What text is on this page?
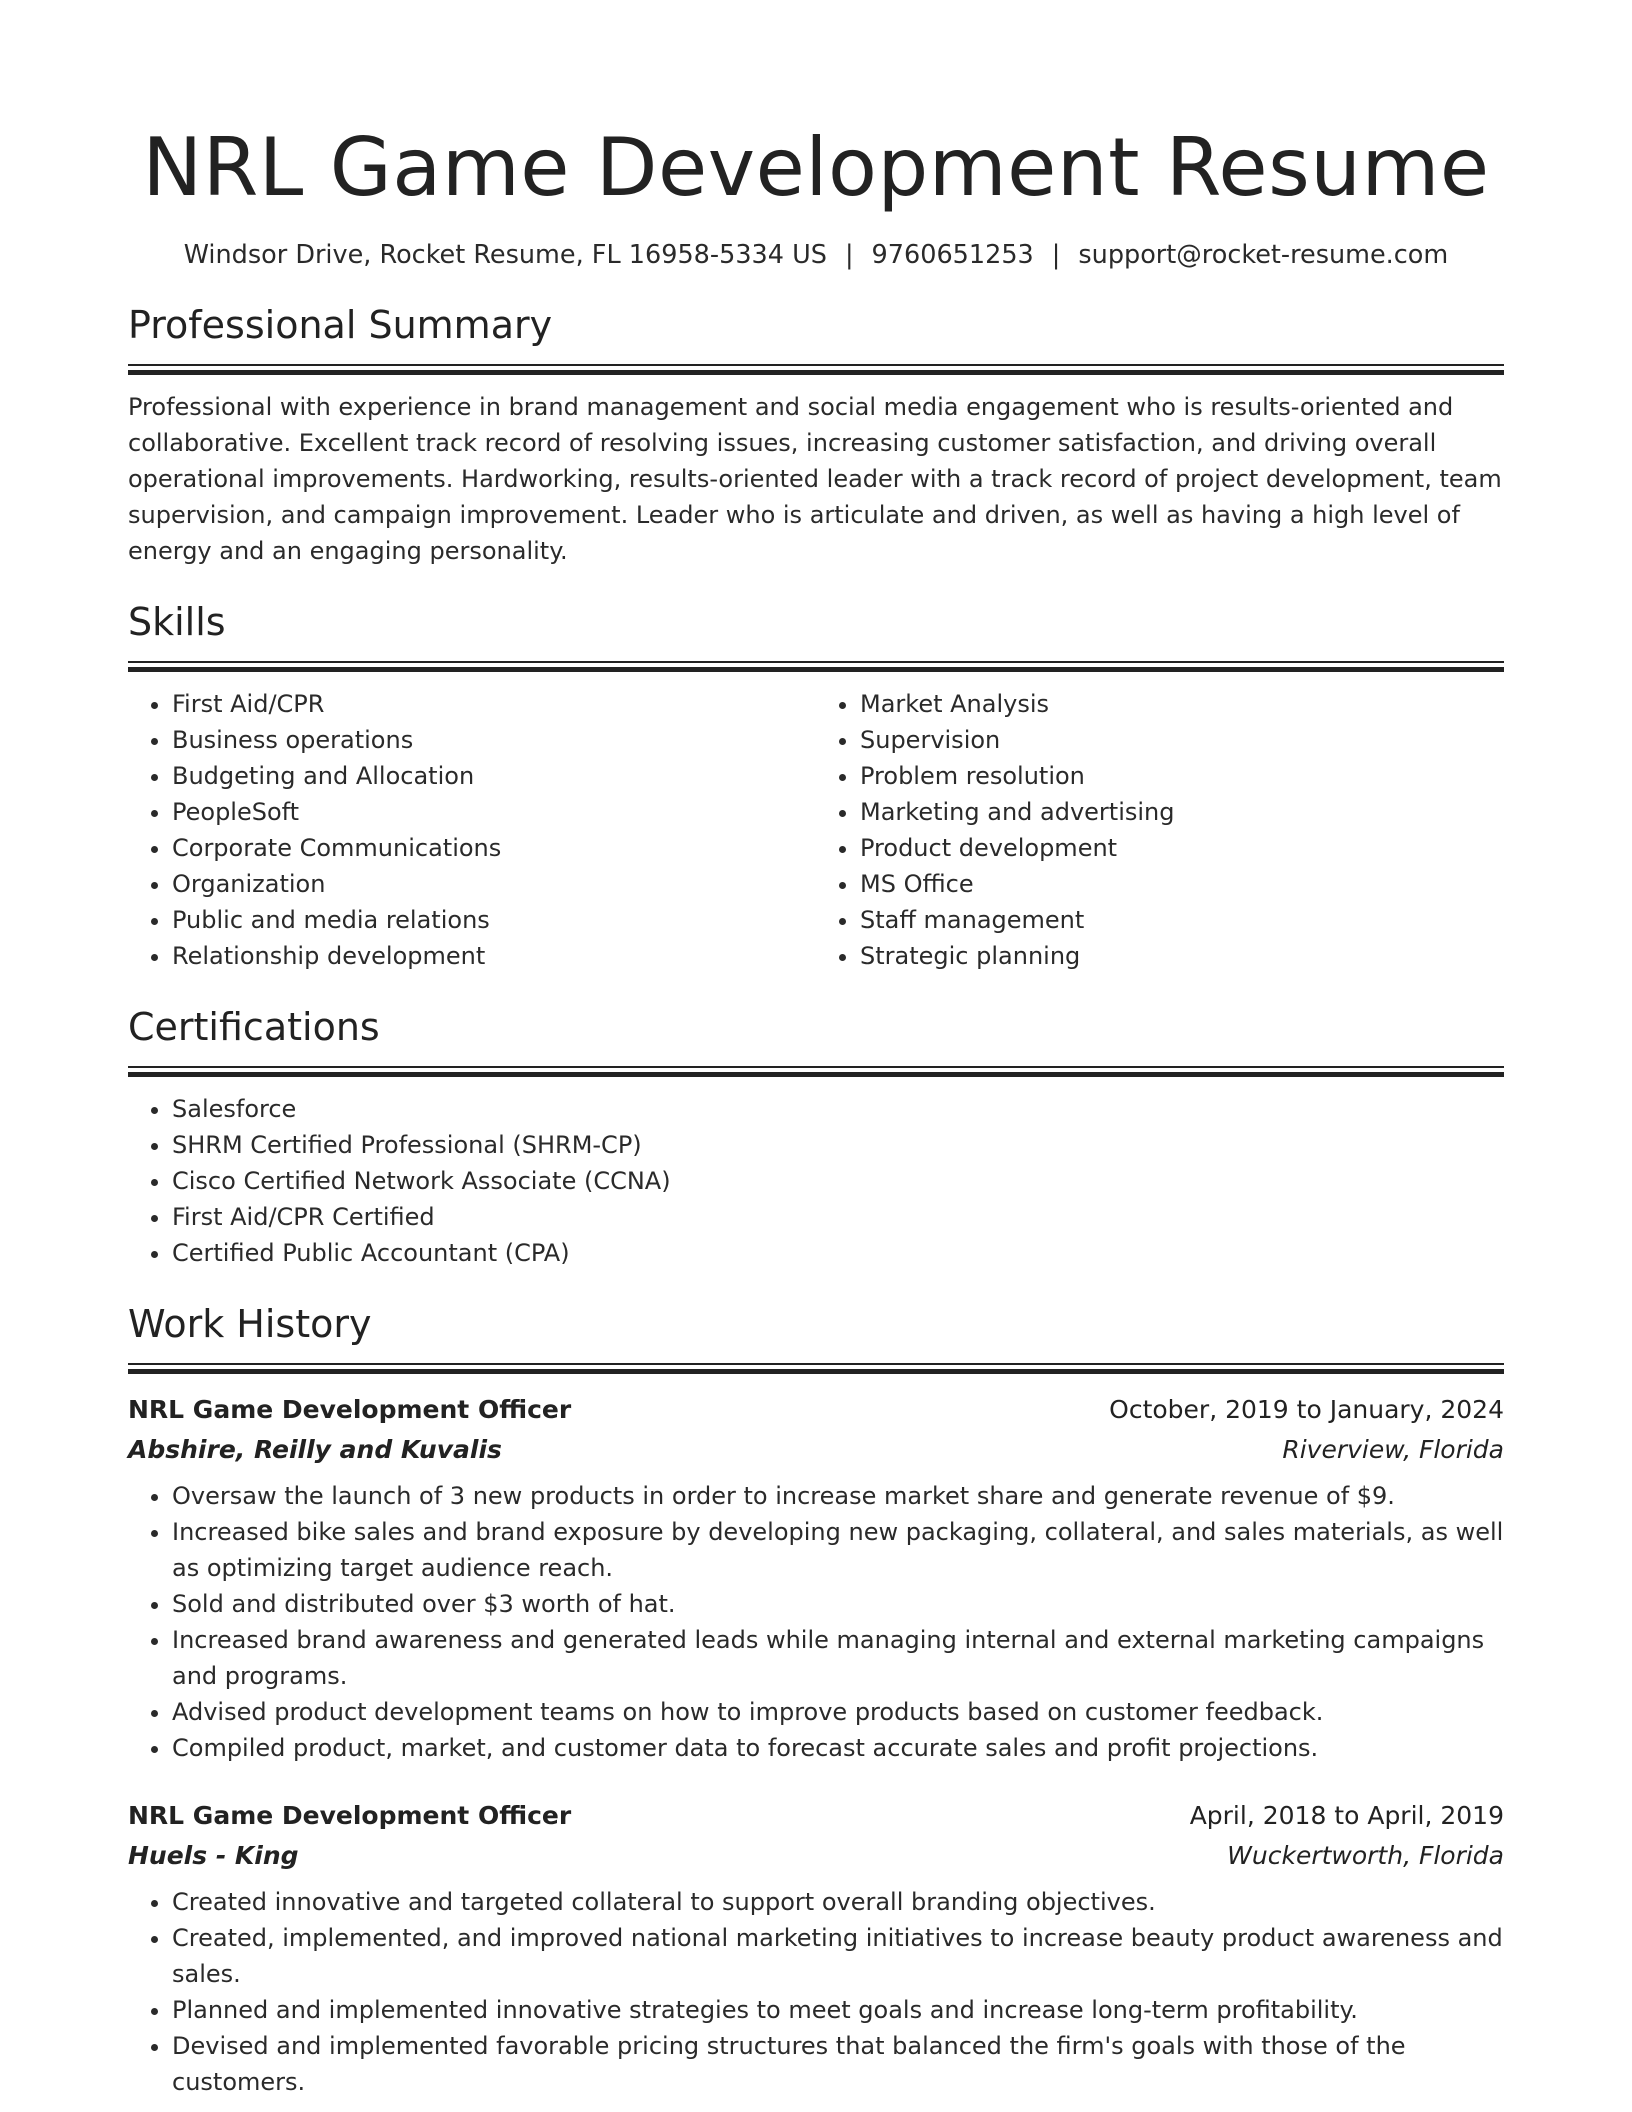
NRL Game Development Resume
Windsor Drive, Rocket Resume, FL 16958-5334 US | 9760651253 | support@rocket-resume.com
Professional Summary

Professional with experience in brand management and social media engagement who is results-oriented and collaborative. Excellent track record of resolving issues, increasing customer satisfaction, and driving overall operational improvements. Hardworking, results-oriented leader with a track record of project development, team supervision, and campaign improvement. Leader who is articulate and driven, as well as having a high level of energy and an engaging personality.

Skills
• First Aid/CPR
• Business operations
• Budgeting and Allocation
• PeopleSoft
• Corporate Communications
• Organization
• Public and media relations
• Relationship development
• Market Analysis
• Supervision
• Problem resolution
• Marketing and advertising
• Product development
• MS Office
• Staff management
• Strategic planning
Certifications
• Salesforce
• SHRM Certified Professional (SHRM-CP)
• Cisco Certified Network Associate (CCNA)
• First Aid/CPR Certified
• Certified Public Accountant (CPA)
Work History
NRL Game Development Officer	October, 2019 to January, 2024
Abshire, Reilly and Kuvalis	Riverview, Florida
• Oversaw the launch of 3 new products in order to increase market share and generate revenue of $9.
• Increased bike sales and brand exposure by developing new packaging, collateral, and sales materials, as well as optimizing target audience reach.
• Sold and distributed over $3 worth of hat.
• Increased brand awareness and generated leads while managing internal and external marketing campaigns and programs.
• Advised product development teams on how to improve products based on customer feedback.
• Compiled product, market, and customer data to forecast accurate sales and profit projections.
NRL Game Development Officer	April, 2018 to April, 2019
Huels - King	Wuckertworth, Florida
• Created innovative and targeted collateral to support overall branding objectives.
• Created, implemented, and improved national marketing initiatives to increase beauty product awareness and sales.
• Planned and implemented innovative strategies to meet goals and increase long-term profitability.
• Devised and implemented favorable pricing structures that balanced the firm's goals with those of the customers.
